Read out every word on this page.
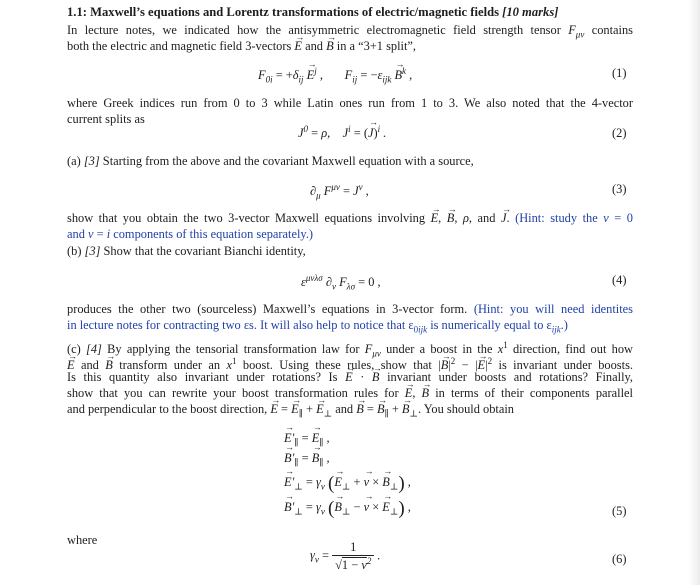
1.1: Maxwell’s equations and Lorentz transformations of electric/magnetic fields [10 marks]
In lecture notes, we indicated how the antisymmetric electromagnetic field strength tensor $F_{\mu\nu}$ contains
both the electric and magnetic field 3-vectors → E and → B in a “3+1 split”,
$F_{0i} = +\delta_{ij} \to E^j$ ,       $F_{ij} = -\varepsilon_{ijk} \to B^k$ ,	(1)
where Greek indices run from 0 to 3 while Latin ones run from 1 to 3. We also noted that the 4-vector
current splits as
$J^0 = \rho$,    $J^i$ = (→ J)$^i$ .	(2)
(a) [3] Starting from the above and the covariant Maxwell equation with a source,
$\partial_\mu$ $F^{\mu\nu} = J^\nu$ ,	(3)
show that you obtain the two 3-vector Maxwell equations involving → E, → B, ρ, and → J. (Hint: study the ν = 0
and ν = i components of this equation separately.)
(b) [3] Show that the covariant Bianchi identity,
$\varepsilon^{\mu\nu\lambda\sigma}$ $\partial_\nu$ $F_{\lambda\sigma} = 0$ ,	(4)
produces the other two (sourceless) Maxwell’s equations in 3-vector form. (Hint: you will need identites
in lecture notes for contracting two εs. It will also help to notice that $\varepsilon_{0ijk}$ is numerically equal to $\varepsilon_{ijk}$.)
(c) [4] By applying the tensorial transformation law for $F_{\mu\nu}$ under a boost in the $x^1$ direction, find out how
→ E and → B transform under an $x^1$ boost. Using these rules, show that |→ $B|^2$ − |→ $E|^2$ is invariant under boosts.
Is this quantity also invariant under rotations? Is → E · → B invariant under boosts and rotations? Finally,
show that you can rewrite your boost transformation rules for → E, → B in terms of their components parallel
and perpendicular to the boost direction, → E = → $E_\parallel$ + → $E_\perp$ and → B = → $B_\parallel$ + → $B_\perp$. You should obtain
→ $E'_\parallel$ = → $E_\parallel$ ,
→ $B'_\parallel$ = → $B_\parallel$ ,
→ $E'_\perp = \gamma_v$ (→ $E_\perp$ + → v × → $B_\perp$) ,
→ $B'_\perp = \gamma_v$ (→ $B_\perp$ − → v × → $E_\perp$) ,	(5)
where
$\gamma_v = \frac{1}{√1 - v^2}$ .	(6)
